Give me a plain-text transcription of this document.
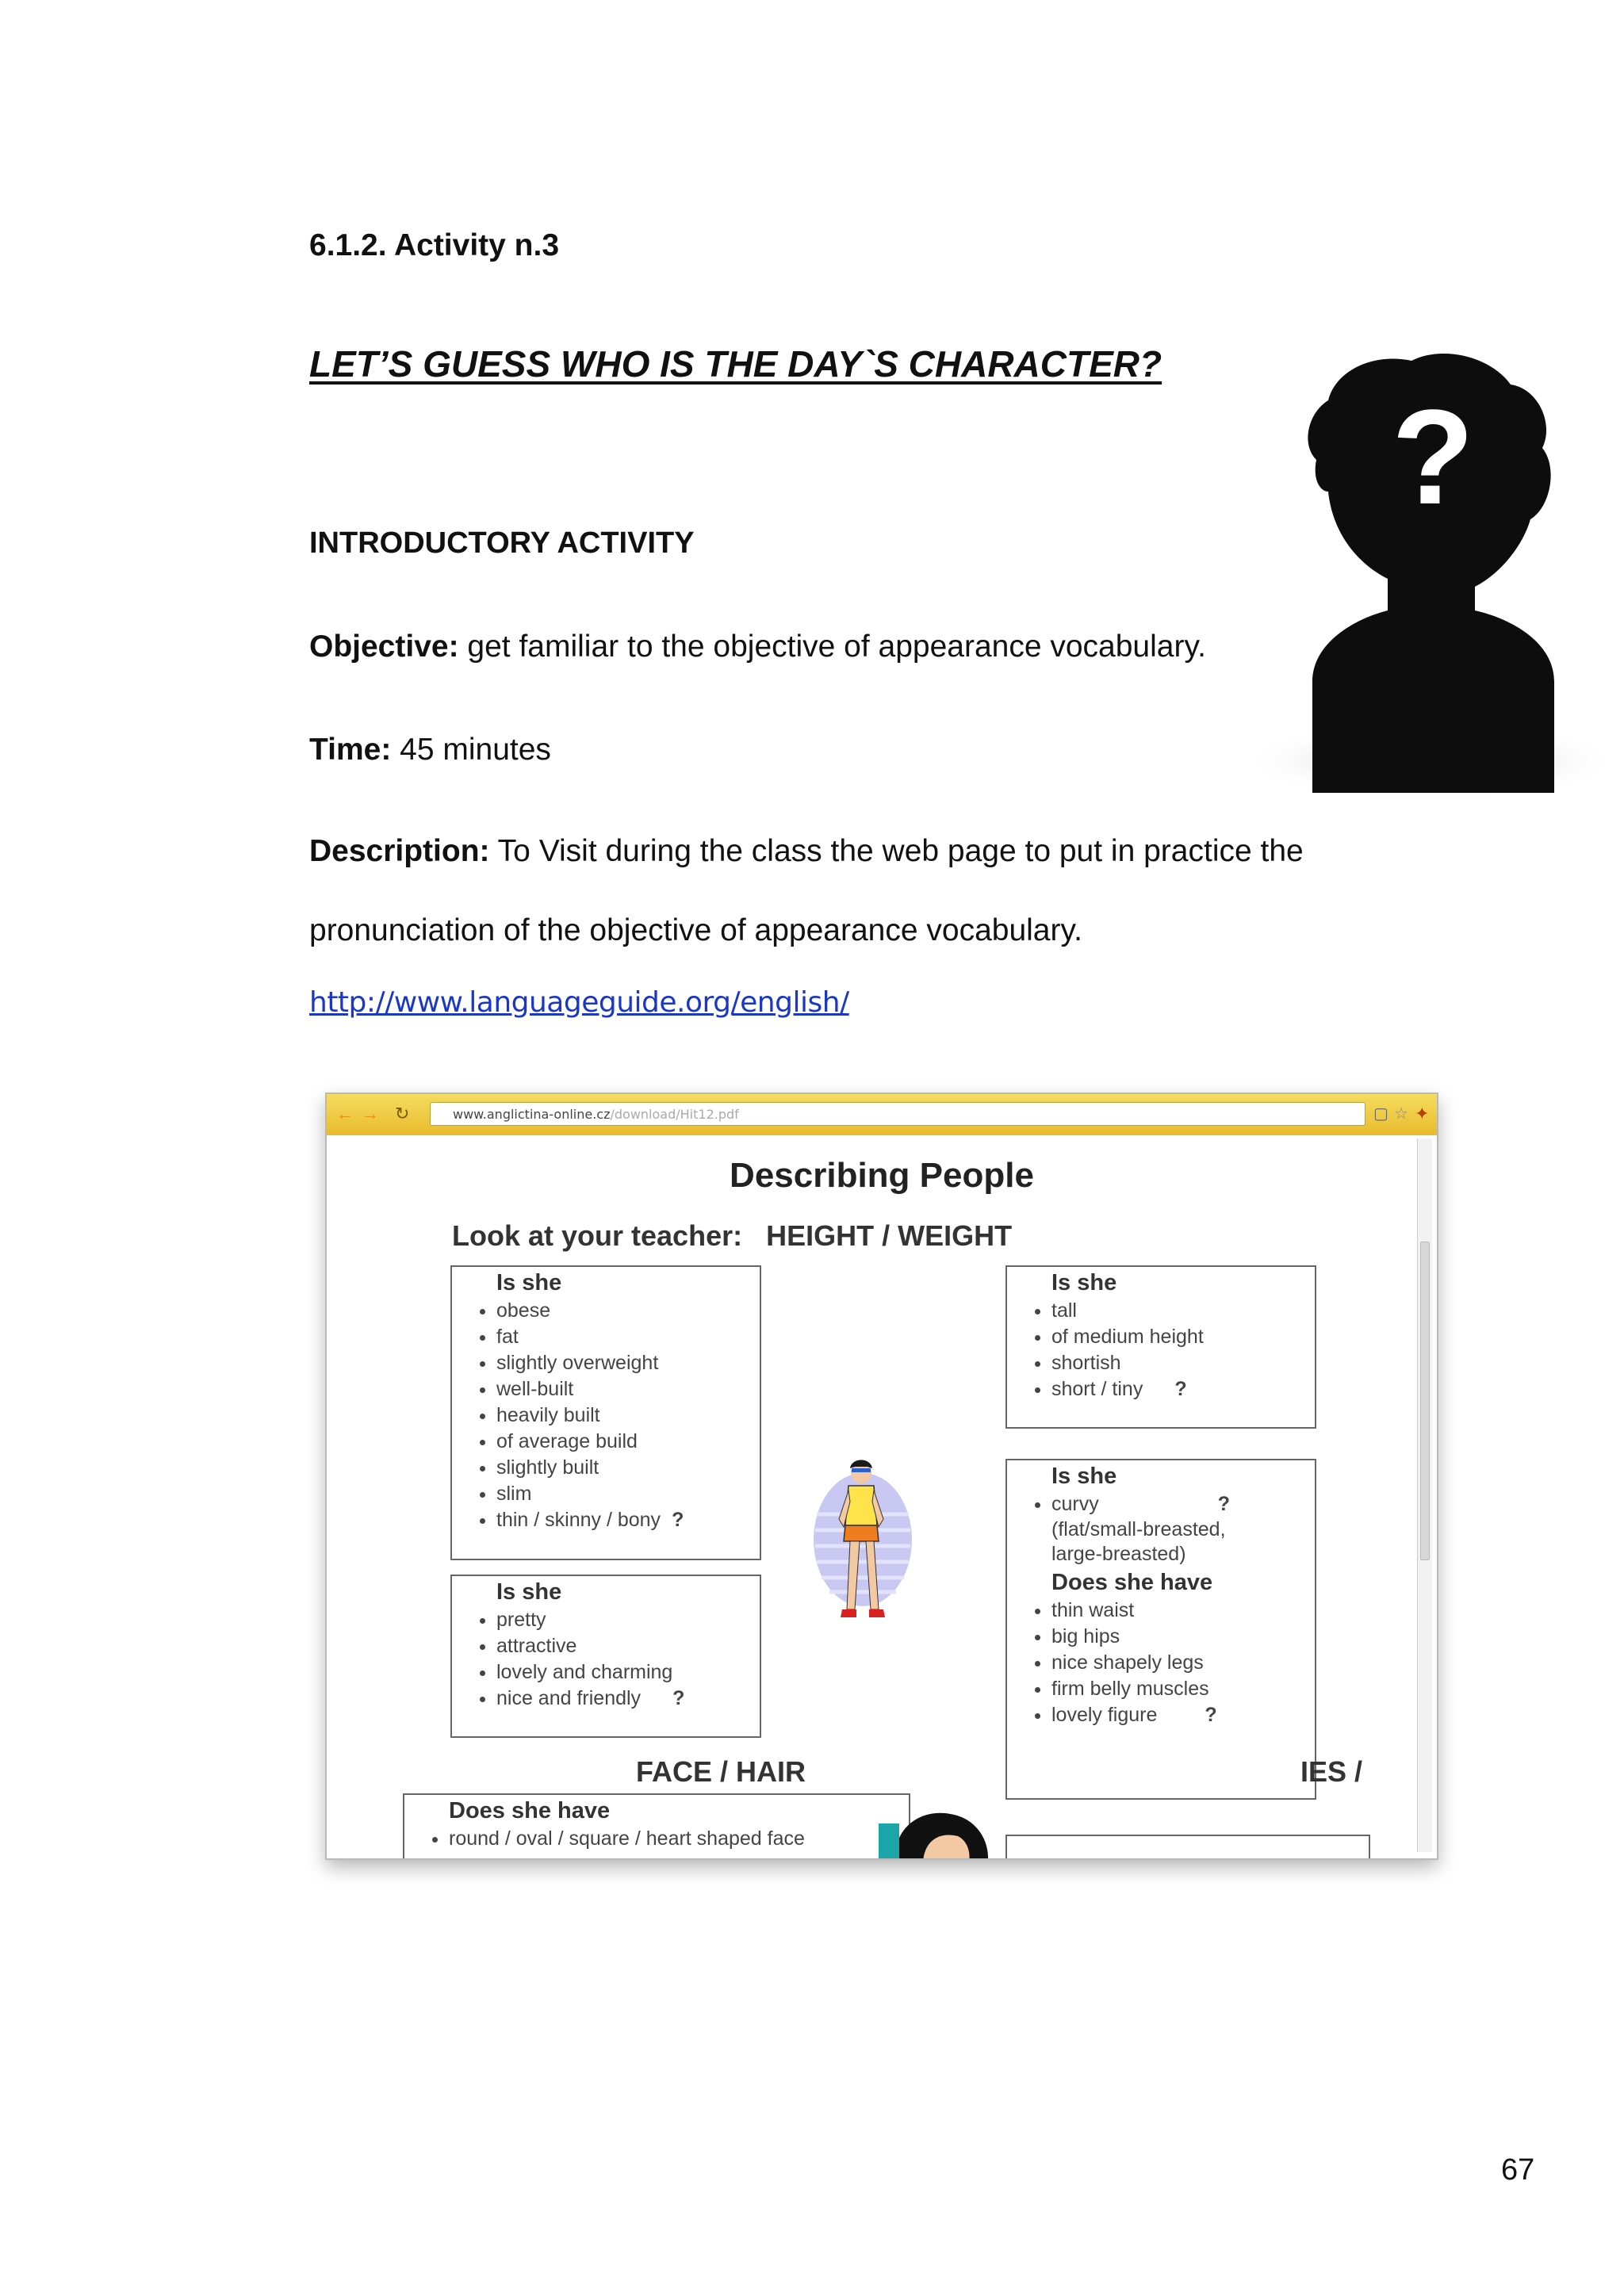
6.1.2. Activity n.3
LET’S GUESS WHO IS THE DAY`S CHARACTER?
?
INTRODUCTORY ACTIVITY
Objective: get familiar to the objective of appearance vocabulary.
Time: 45 minutes
Description: To Visit during the class the web page to put in practice the
pronunciation of the objective of appearance vocabulary.
http://www.languageguide.org/english/
← → ↻	www.anglictina-online.cz/download/Hit12.pdf	▢ ☆ ✦
Describing People
Look at your teacher: HEIGHT / WEIGHT
Is she
• obese
• fat
• slightly overweight
• well-built
• heavily built
• of average build
• slightly built
• slim
• thin / skinny / bony ?
Is she
• pretty
• attractive
• lovely and charming
• nice and friendly ?
Is she
• tall
• of medium height
• shortish
• short / tiny ?
Is she
• curvy	?
(flat/small-breasted,
large-breasted)
Does she have
• thin waist
• big hips
• nice shapely legs
• firm belly muscles
• lovely figure ?
FACE / HAIR	IES /
Does she have
• round / oval / square / heart shaped face
67
